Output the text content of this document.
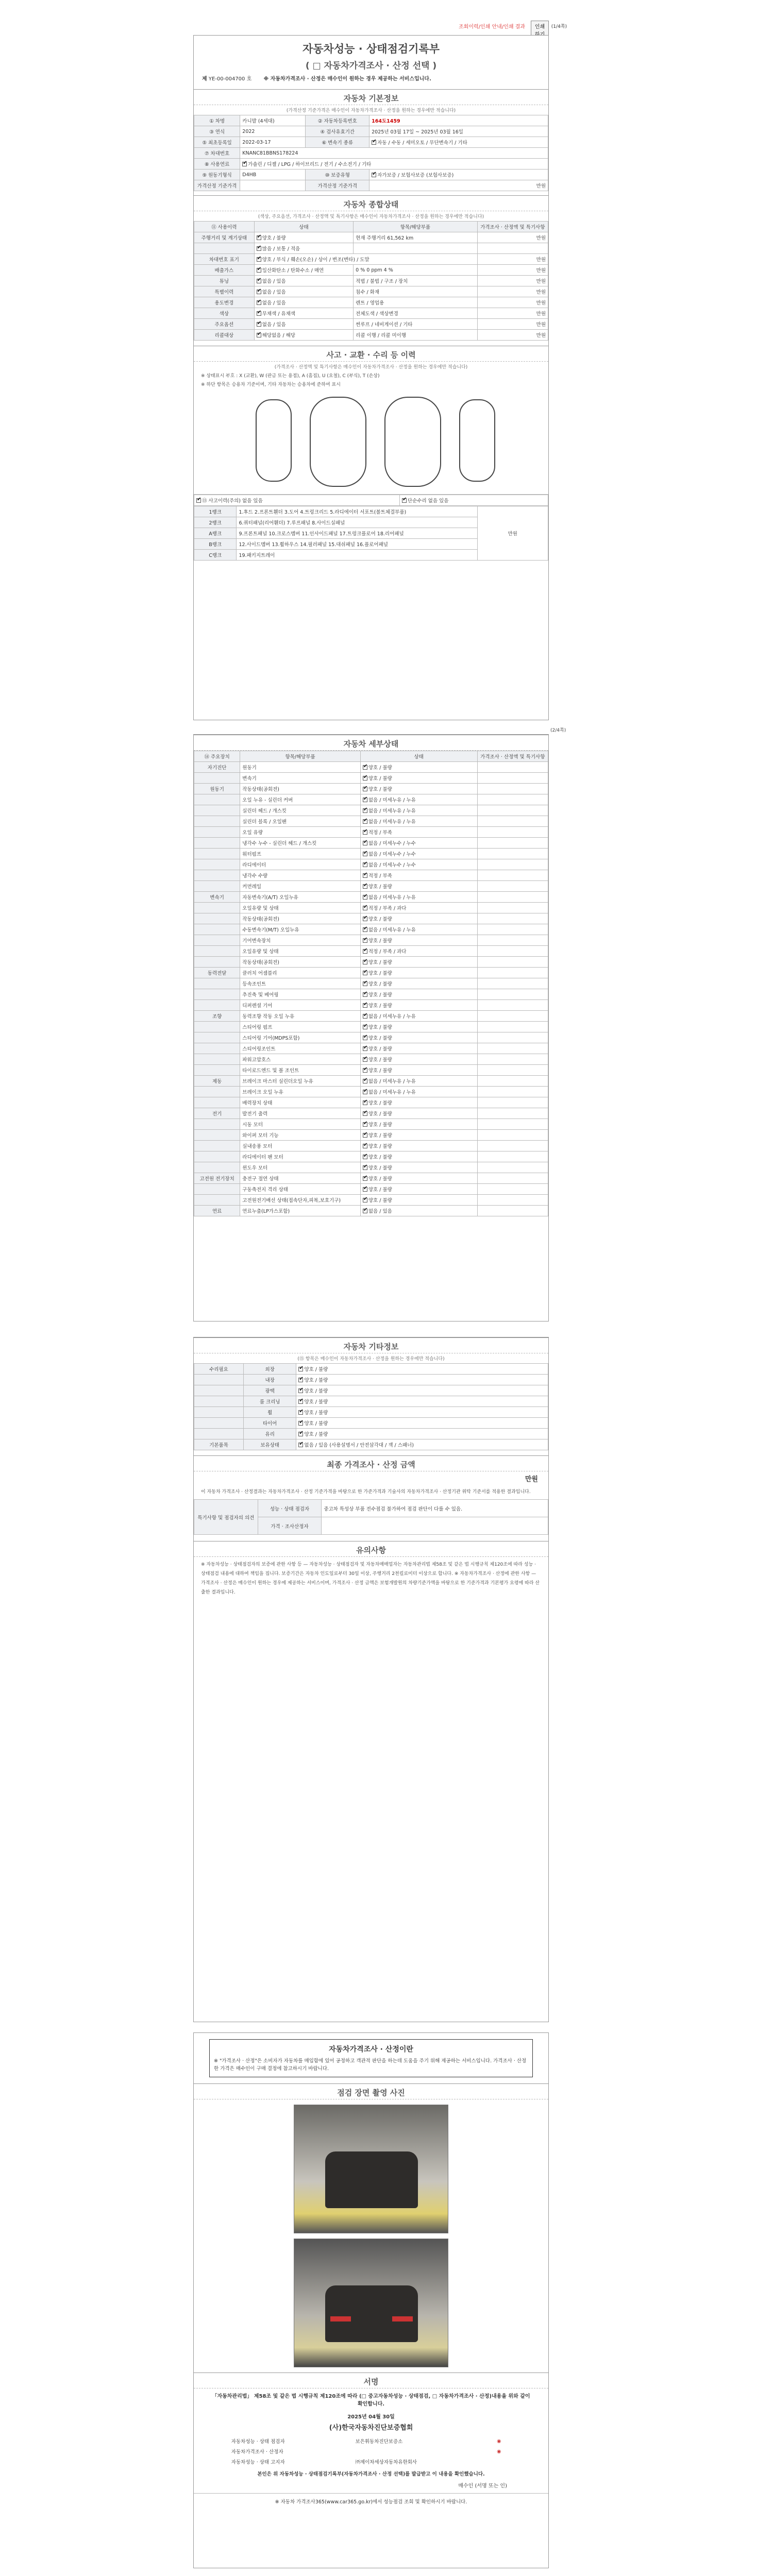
조회이력/인쇄 안내/인쇄 결과	인쇄	(1/4쪽)
자동차성능 · 상태점검기록부
( □ 자동차가격조사 · 산정 선택 )
제 YE-00-004700 호 ※ 자동차가격조사 · 산정은 매수인이 원하는 경우 제공하는 서비스입니다.
자동차 기본정보
(가격산정 기준가격은 매수인이 자동차가격조사 · 산정을 원하는 경우에만 적습니다)
① 차명	카니발 (4세대)	② 자동차등록번호	164도1459
③ 연식	2022	④ 검사유효기간	2025년 03월 17일 ~ 2025년 03월 16일
⑤ 최초등록일	2022-03-17	⑥ 변속기 종류	✔자동 / 수동 / 세미오토 / 무단변속기 / 기타
⑦ 차대번호	KNANC81BBNS178224		
⑧ 사용연료	✔가솔린 / 디젤 / LPG / 하이브리드 / 전기 / 수소전기 / 기타
⑨ 원동기형식	D4HB	⑩ 보증유형	✔자가보증 / 보험사보증 (보험사보증)
가격산정 기준가격		가격산정 기준가격	만원
자동차 종합상태
(색상, 주요옵션, 가격조사 · 산정액 및 특기사항은 매수인이 자동차가격조사 · 산정을 원하는 경우에만 적습니다)
⑪ 사용이력	상태	항목/해당부품	가격조사 · 산정액 및 특기사항
주행거리 및 계기상태	✔양호 / 불량	현재 주행거리 61,562 km	만원
	✔많음 / 보통 / 적음		
차대번호 표기	✔양호 / 부식 / 훼손(오손) / 상이 / 변조(변타) / 도말		만원
배출가스	✔일산화탄소 / 탄화수소 / 매연	0 % 0 ppm 4 %	만원
튜닝	✔없음 / 있음	적법 / 불법 / 구조 / 장치	만원
특별이력	✔없음 / 있음	침수 / 화재	만원
용도변경	✔없음 / 있음	렌트 / 영업용	만원
색상	✔무채색 / 유채색	전체도색 / 색상변경	만원
주요옵션	✔없음 / 있음	썬루프 / 네비게이션 / 기타	만원
리콜대상	✔해당없음 / 해당	리콜 이행 / 리콜 미이행	만원
사고 · 교환 · 수리 등 이력
(가격조사 · 산정액 및 특기사항은 매수인이 자동차가격조사 · 산정을 원하는 경우에만 적습니다)
※ 상태표시 부호 : X (교환), W (판금 또는 용접), A (흠집), U (요철), C (부식), T (손상)
※ 하단 항목은 승용차 기준이며, 기타 자동차는 승용차에 준하여 표시
✔⑬ 사고이력(주의) 없음 있음	✔단순수리 없음 있음
1랭크	1.후드 2.프론트휀더 3.도어 4.트렁크리드 5.라디에이터 서포트(볼트체결부품)	만원
2랭크	6.쿼터패널(리어휀더) 7.루프패널 8.사이드실패널	
A랭크	9.프론트패널 10.크로스멤버 11.인사이드패널 17.트렁크플로어 18.리어패널	
B랭크	12.사이드멤버 13.휠하우스 14.필러패널 15.대쉬패널 16.플로어패널	
C랭크	19.패키지트레이	
(2/4쪽)
자동차 세부상태
⑭ 주요장치	항목/해당부품	상태	가격조사 · 산정액 및 특기사항
자기진단	원동기	✔양호 / 불량	
	변속기	✔양호 / 불량	
원동기	작동상태(공회전)	✔양호 / 불량	
	오일 누유 - 실린더 커버	✔없음 / 미세누유 / 누유	
	실린더 헤드 / 개스킷	✔없음 / 미세누유 / 누유	
	실린더 블록 / 오일팬	✔없음 / 미세누유 / 누유	
	오일 유량	✔적정 / 부족	
	냉각수 누수 - 실린더 헤드 / 개스킷	✔없음 / 미세누수 / 누수	
	워터펌프	✔없음 / 미세누수 / 누수	
	라디에이터	✔없음 / 미세누수 / 누수	
	냉각수 수량	✔적정 / 부족	
	커먼레일	✔양호 / 불량	
변속기	자동변속기(A/T) 오일누유	✔없음 / 미세누유 / 누유	
	오일유량 및 상태	✔적정 / 부족 / 과다	
	작동상태(공회전)	✔양호 / 불량	
	수동변속기(M/T) 오일누유	✔없음 / 미세누유 / 누유	
	기어변속장치	✔양호 / 불량	
	오일유량 및 상태	✔적정 / 부족 / 과다	
	작동상태(공회전)	✔양호 / 불량	
동력전달	클러치 어셈블리	✔양호 / 불량	
	등속조인트	✔양호 / 불량	
	추진축 및 베어링	✔양호 / 불량	
	디퍼렌셜 기어	✔양호 / 불량	
조향	동력조향 작동 오일 누유	✔없음 / 미세누유 / 누유	
	스티어링 펌프	✔양호 / 불량	
	스티어링 기어(MDPS포함)	✔양호 / 불량	
	스티어링조인트	✔양호 / 불량	
	파워고압호스	✔양호 / 불량	
	타이로드엔드 및 볼 조인트	✔양호 / 불량	
제동	브레이크 마스터 실린더오일 누유	✔없음 / 미세누유 / 누유	
	브레이크 오일 누유	✔없음 / 미세누유 / 누유	
	배력장치 상태	✔양호 / 불량	
전기	발전기 출력	✔양호 / 불량	
	시동 모터	✔양호 / 불량	
	와이퍼 모터 기능	✔양호 / 불량	
	실내송풍 모터	✔양호 / 불량	
	라디에이터 팬 모터	✔양호 / 불량	
	윈도우 모터	✔양호 / 불량	
고전원 전기장치	충전구 절연 상태	✔양호 / 불량	
	구동축전지 격리 상태	✔양호 / 불량	
	고전원전기배선 상태(접속단자,피복,보호기구)	✔양호 / 불량	
연료	연료누출(LP가스포함)	✔없음 / 있음	
자동차 기타정보
(⑮ 항목은 매수인이 자동차가격조사 · 산정을 원하는 경우에만 적습니다)
수리필요	외장	✔양호 / 불량
	내장	✔양호 / 불량
	광택	✔양호 / 불량
	룸 크리닝	✔양호 / 불량
	휠	✔양호 / 불량
	타이어	✔양호 / 불량
	유리	✔양호 / 불량
기본품목	보유상태	✔없음 / 있음 (사용설명서 / 안전삼각대 / 잭 / 스패너)
최종 가격조사 · 산정 금액
만원
이 자동차 가격조사 · 산정결과는 자동차가격조사 · 산정 기준가격을 바탕으로 한 가준가격과 기술사의 자동차가격조사 · 산정기관 위탁 기준서를 적용한 결과입니다.
특기사항 및 점검자의 의견	성능 · 상태 점검자	중고차 특성상 부품 전수점검 불가하여 점검 판단이 다를 수 있음.
	가격 · 조사산정자	
유의사항
※ 자동차성능 · 상태점검자의 보증에 관한 사항 등 — 자동차성능 · 상태점검자 및 자동차매매업자는 자동차관리법 제58조 및 같은 법 시행규칙 제120조에 따라 성능 · 상태점검 내용에 대하여 책임을 집니다. 보증기간은 자동차 인도일로부터 30일 이상, 주행거리 2천킬로미터 이상으로 합니다. ※ 자동차가격조사 · 산정에 관한 사항 — 가격조사 · 산정은 매수인이 원하는 경우에 제공하는 서비스이며, 가격조사 · 산정 금액은 보험개발원의 차량기준가액을 바탕으로 한 기준가격과 기본평가 요령에 따라 산출한 결과입니다.
자동차가격조사 · 산정이란
※ "가격조사 · 산정"은 소비자가 자동차를 매입함에 있어 공정하고 객관적 판단을 하는데 도움을 주기 위해 제공하는 서비스입니다. 가격조사 · 산정한 가격은 매수인이 구매 결정에 참고하시기 바랍니다.
점검 장면 촬영 사진
서명
「자동차관리법」 제58조 및 같은 법 시행규칙 제120조에 따라 (□ 중고자동차성능 · 상태점검, □ 자동차가격조사 · 산정)내용을 위와 같이 확인합니다.
2025년 04월 30일
(사)한국자동차진단보증협회
자동차성능 · 상태 점검자	보은휘동차진단보증소	◉
자동차가격조사 · 산정자		◉
자동차성능 · 상태 고지자	㈜제이차세상자동차유한회사	
본인은 위 자동차성능 · 상태점검기록부(자동차가격조사 · 산정 선택)를 발급받고 이 내용을 확인했습니다.
매수인 (서명 또는 인)
※ 자동차 가격조사365(www.car365.go.kr)에서 성능점검 조회 및 확인하시기 바랍니다.
